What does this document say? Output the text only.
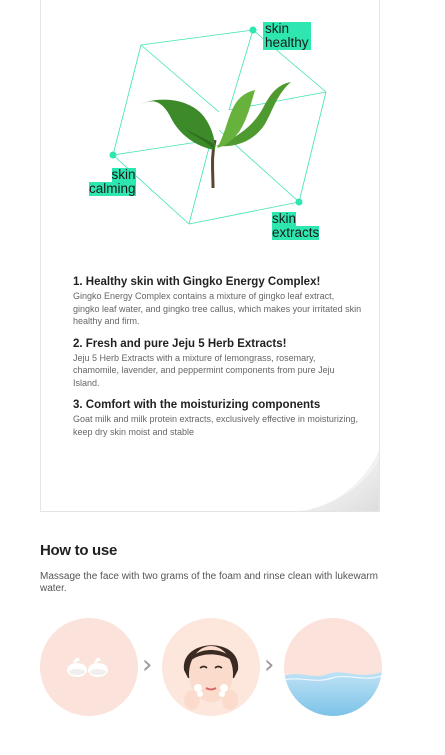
skin
healthy
skin
calming
skin
extracts
1. Healthy skin with Gingko Energy Complex!

Gingko Energy Complex contains a mixture of gingko leaf extract, gingko leaf water, and gingko tree callus, which makes your irritated skin healthy and firm.

2. Fresh and pure Jeju 5 Herb Extracts!

Jeju 5 Herb Extracts with a mixture of lemongrass, rosemary, chamomile, lavender, and peppermint components from pure Jeju Island.

3. Comfort with the moisturizing components

Goat milk and milk protein extracts, exclusively effective in moisturizing, keep dry skin moist and stable

How to use

Massage the face with two grams of the foam and rinse clean with lukewarm water.

›	›
